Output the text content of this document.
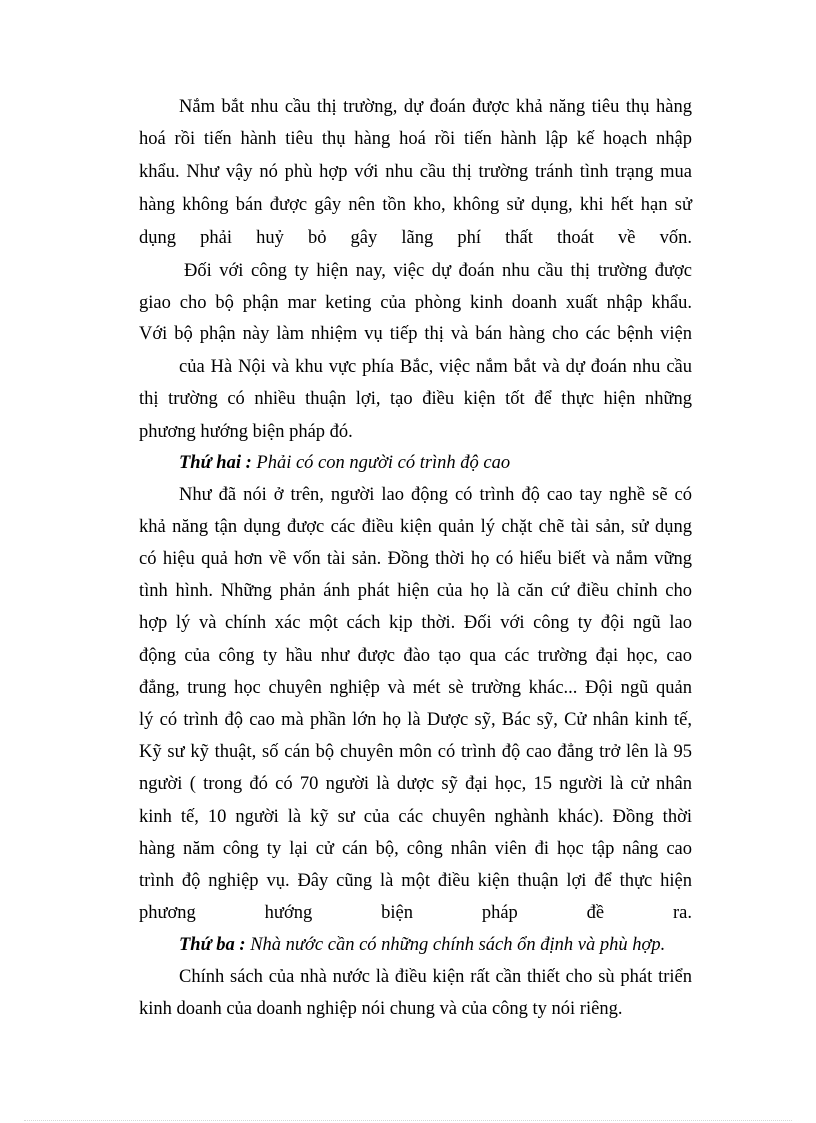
Nắm bắt nhu cầu thị trường, dự đoán được khả năng tiêu thụ hàng
hoá rồi tiến hành tiêu thụ hàng hoá rồi tiến hành lập kế hoạch nhập
khẩu. Như vậy nó phù hợp với nhu cầu thị trường tránh tình trạng mua
hàng không bán được gây nên tồn kho, không sử dụng, khi hết hạn sử
dụng phải huỷ bỏ gây lãng phí thất thoát về vốn.
Đối với công ty hiện nay, việc dự đoán nhu cầu thị trường được
giao cho bộ phận mar keting của phòng kinh doanh xuất nhập khẩu.
Với bộ phận này làm nhiệm vụ tiếp thị và bán hàng cho các bệnh viện
của Hà Nội và khu vực phía Bắc, việc nắm bắt và dự đoán nhu cầu
thị trường có nhiều thuận lợi, tạo điều kiện tốt để thực hiện những
phương hướng biện pháp đó.
Thứ hai : Phải có con người có trình độ cao
Như đã nói ở trên, người lao động có trình độ cao tay nghề sẽ có
khả năng tận dụng được các điều kiện quản lý chặt chẽ tài sản, sử dụng
có hiệu quả hơn về vốn tài sản. Đồng thời họ có hiểu biết và nắm vững
tình hình. Những phản ánh phát hiện của họ là căn cứ điều chỉnh cho
hợp lý và chính xác một cách kịp thời. Đối với công ty đội ngũ lao
động của công ty hầu như được đào tạo qua các trường đại học, cao
đẳng, trung học chuyên nghiệp và mét sè trường khác... Đội ngũ quản
lý có trình độ cao mà phần lớn họ là Dược sỹ, Bác sỹ, Cử nhân kinh tế,
Kỹ sư kỹ thuật, số cán bộ chuyên môn có trình độ cao đẳng trở lên là 95
người ( trong đó có 70 người là dược sỹ đại học, 15 người là cử nhân
kinh tế, 10 người là kỹ sư của các chuyên nghành khác). Đồng thời
hàng năm công ty lại cử cán bộ, công nhân viên đi học tập nâng cao
trình độ nghiệp vụ. Đây cũng là một điều kiện thuận lợi để thực hiện
phương hướng biện pháp đề ra.
Thứ ba : Nhà nước cần có những chính sách ổn định và phù hợp.
Chính sách của nhà nước là điều kiện rất cần thiết cho sù phát triển
kinh doanh của doanh nghiệp nói chung và của công ty nói riêng.
